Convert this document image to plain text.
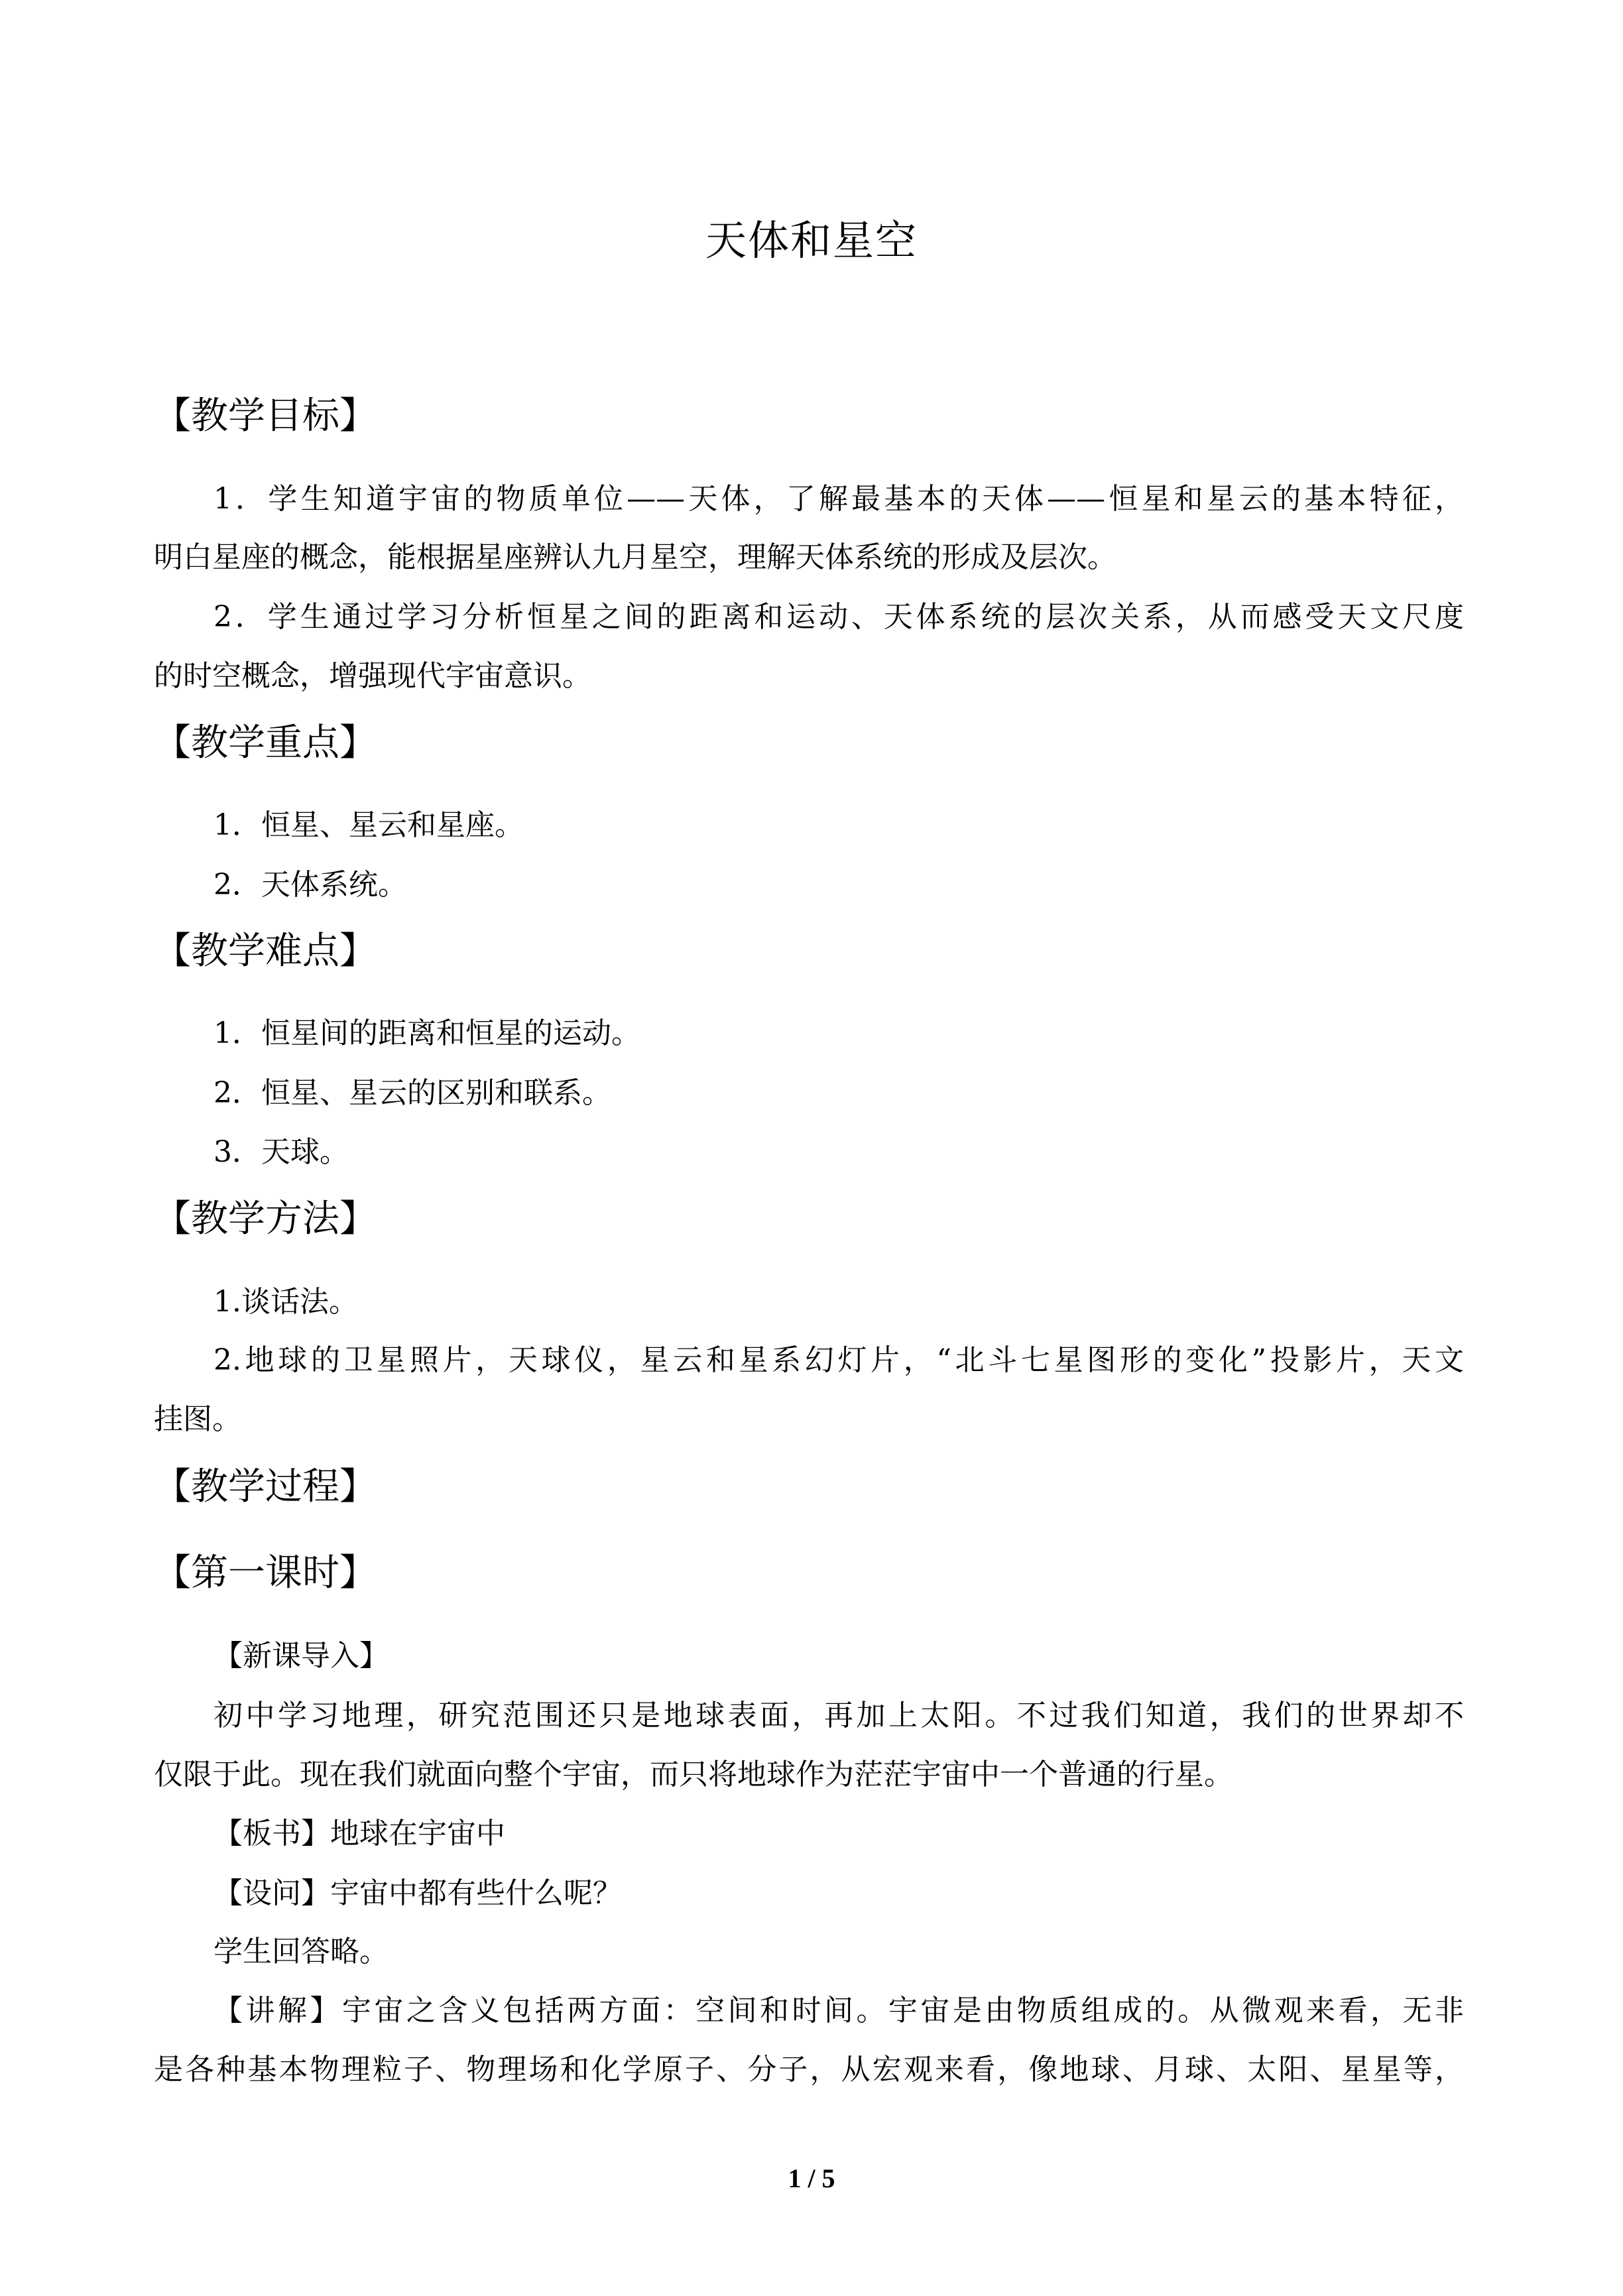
天体和星空
【教学目标】
1．学生知道宇宙的物质单位——天体，了解最基本的天体——恒星和星云的基本特征，
明白星座的概念，能根据星座辨认九月星空，理解天体系统的形成及层次。
2．学生通过学习分析恒星之间的距离和运动、天体系统的层次关系，从而感受天文尺度
的时空概念，增强现代宇宙意识。
【教学重点】
1．恒星、星云和星座。
2．天体系统。
【教学难点】
1．恒星间的距离和恒星的运动。
2．恒星、星云的区别和联系。
3．天球。
【教学方法】
1.谈话法。
2.地球的卫星照片，天球仪，星云和星系幻灯片，“北斗七星图形的变化”投影片，天文
挂图。
【教学过程】
【第一课时】
【新课导入】
初中学习地理，研究范围还只是地球表面，再加上太阳。不过我们知道，我们的世界却不
仅限于此。现在我们就面向整个宇宙，而只将地球作为茫茫宇宙中一个普通的行星。
【板书】地球在宇宙中
【设问】宇宙中都有些什么呢？
学生回答略。
【讲解】宇宙之含义包括两方面：空间和时间。宇宙是由物质组成的。从微观来看，无非
是各种基本物理粒子、物理场和化学原子、分子，从宏观来看，像地球、月球、太阳、星星等，
1 / 5
